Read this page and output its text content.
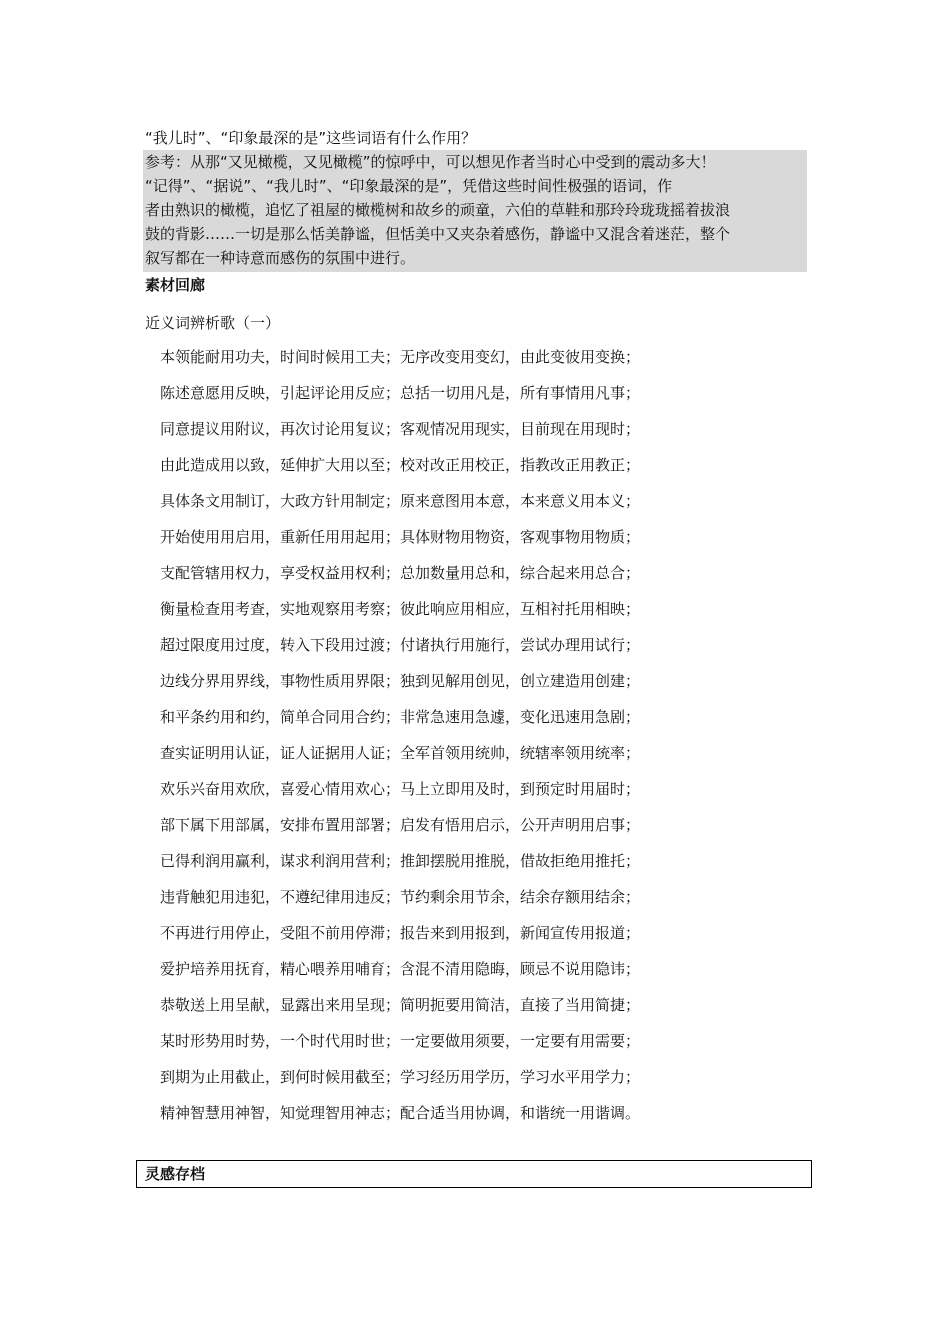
“我儿时”、“印象最深的是”这些词语有什么作用？
参考：从那“又见橄榄，又见橄榄”的惊呼中，可以想见作者当时心中受到的震动多大！
“记得”、“据说”、“我儿时”、“印象最深的是”，凭借这些时间性极强的语词，作
者由熟识的橄榄，追忆了祖屋的橄榄树和故乡的顽童，六伯的草鞋和那玲玲珑珑摇着拔浪
鼓的背影……一切是那么恬美静谧，但恬美中又夹杂着感伤，静谧中又混含着迷茫，整个
叙写都在一种诗意而感伤的氛围中进行。
素材回廊
近义词辨析歌（一）
本领能耐用功夫，时间时候用工夫；无序改变用变幻，由此变彼用变换；
陈述意愿用反映，引起评论用反应；总括一切用凡是，所有事情用凡事；
同意提议用附议，再次讨论用复议；客观情况用现实，目前现在用现时；
由此造成用以致，延伸扩大用以至；校对改正用校正，指教改正用教正；
具体条文用制订，大政方针用制定；原来意图用本意，本来意义用本义；
开始使用用启用，重新任用用起用；具体财物用物资，客观事物用物质；
支配管辖用权力，享受权益用权利；总加数量用总和，综合起来用总合；
衡量检查用考查，实地观察用考察；彼此响应用相应，互相衬托用相映；
超过限度用过度，转入下段用过渡；付诸执行用施行，尝试办理用试行；
边线分界用界线，事物性质用界限；独到见解用创见，创立建造用创建；
和平条约用和约，简单合同用合约；非常急速用急遽，变化迅速用急剧；
查实证明用认证，证人证据用人证；全军首领用统帅，统辖率领用统率；
欢乐兴奋用欢欣，喜爱心情用欢心；马上立即用及时，到预定时用届时；
部下属下用部属，安排布置用部署；启发有悟用启示，公开声明用启事；
已得利润用赢利，谋求利润用营利；推卸摆脱用推脱，借故拒绝用推托；
违背触犯用违犯，不遵纪律用违反；节约剩余用节余，结余存额用结余；
不再进行用停止，受阻不前用停滞；报告来到用报到，新闻宣传用报道；
爱护培养用抚育，精心喂养用哺育；含混不清用隐晦，顾忌不说用隐讳；
恭敬送上用呈献，显露出来用呈现；简明扼要用简洁，直接了当用简捷；
某时形势用时势，一个时代用时世；一定要做用须要，一定要有用需要；
到期为止用截止，到何时候用截至；学习经历用学历，学习水平用学力；
精神智慧用神智，知觉理智用神志；配合适当用协调，和谐统一用谐调。
灵感存档
